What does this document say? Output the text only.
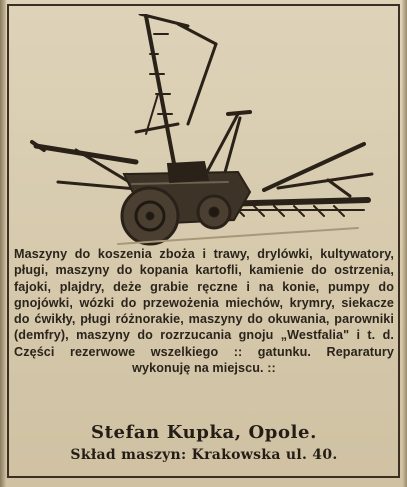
Maszyny do koszenia zboża i trawy, drylówki, kultywatory, pługi, maszyny do kopania kartofli, kamienie do ostrzenia, fajoki, plajdry, deże grabie ręczne i na konie, pumpy do gnojówki, wózki do przewożenia miechów, krymry, siekacze do ćwikły, pługi różnorakie, maszyny do okuwania, parowniki (demfry), maszyny do rozrzucania gnoju „Westfalia" i t. d. Części rezerwowe wszelkiego :: gatunku. Reparatury wykonuję na miejscu. ::

Stefan Kupka, Opole.

Skład maszyn: Krakowska ul. 40.
